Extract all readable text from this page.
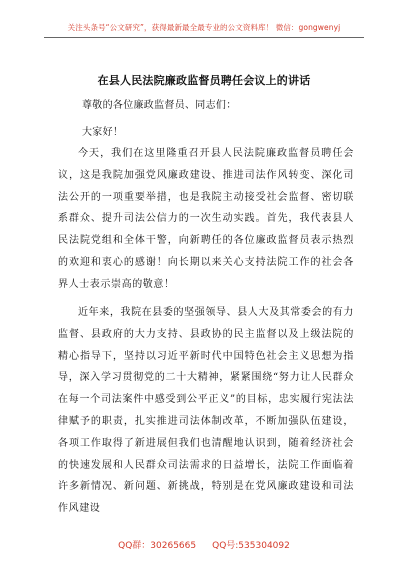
关注头条号“公文研究”，获得最新最全最专业的公文资料库！ 微信：gongwenyj
在县人民法院廉政监督员聘任会议上的讲话
尊敬的各位廉政监督员、同志们：
大家好！

今天，我们在这里隆重召开县人民法院廉政监督员聘任会议，这是我院加强党风廉政建设、推进司法作风转变、深化司法公开的一项重要举措，也是我院主动接受社会监督、密切联系群众、提升司法公信力的一次生动实践。首先，我代表县人民法院党组和全体干警，向新聘任的各位廉政监督员表示热烈的欢迎和衷心的感谢！向长期以来关心支持法院工作的社会各界人士表示崇高的敬意！

近年来，我院在县委的坚强领导、县人大及其常委会的有力监督、县政府的大力支持、县政协的民主监督以及上级法院的精心指导下，坚持以习近平新时代中国特色社会主义思想为指导，深入学习贯彻党的二十大精神，紧紧围绕“努力让人民群众在每一个司法案件中感受到公平正义”的目标，忠实履行宪法法律赋予的职责，扎实推进司法体制改革，不断加强队伍建设，各项工作取得了新进展但我们也清醒地认识到，随着经济社会的快速发展和人民群众司法需求的日益增长，法院工作面临着许多新情况、新问题、新挑战，特别是在党风廉政建设和司法作风建设

QQ群：30265665 QQ号:535304092
